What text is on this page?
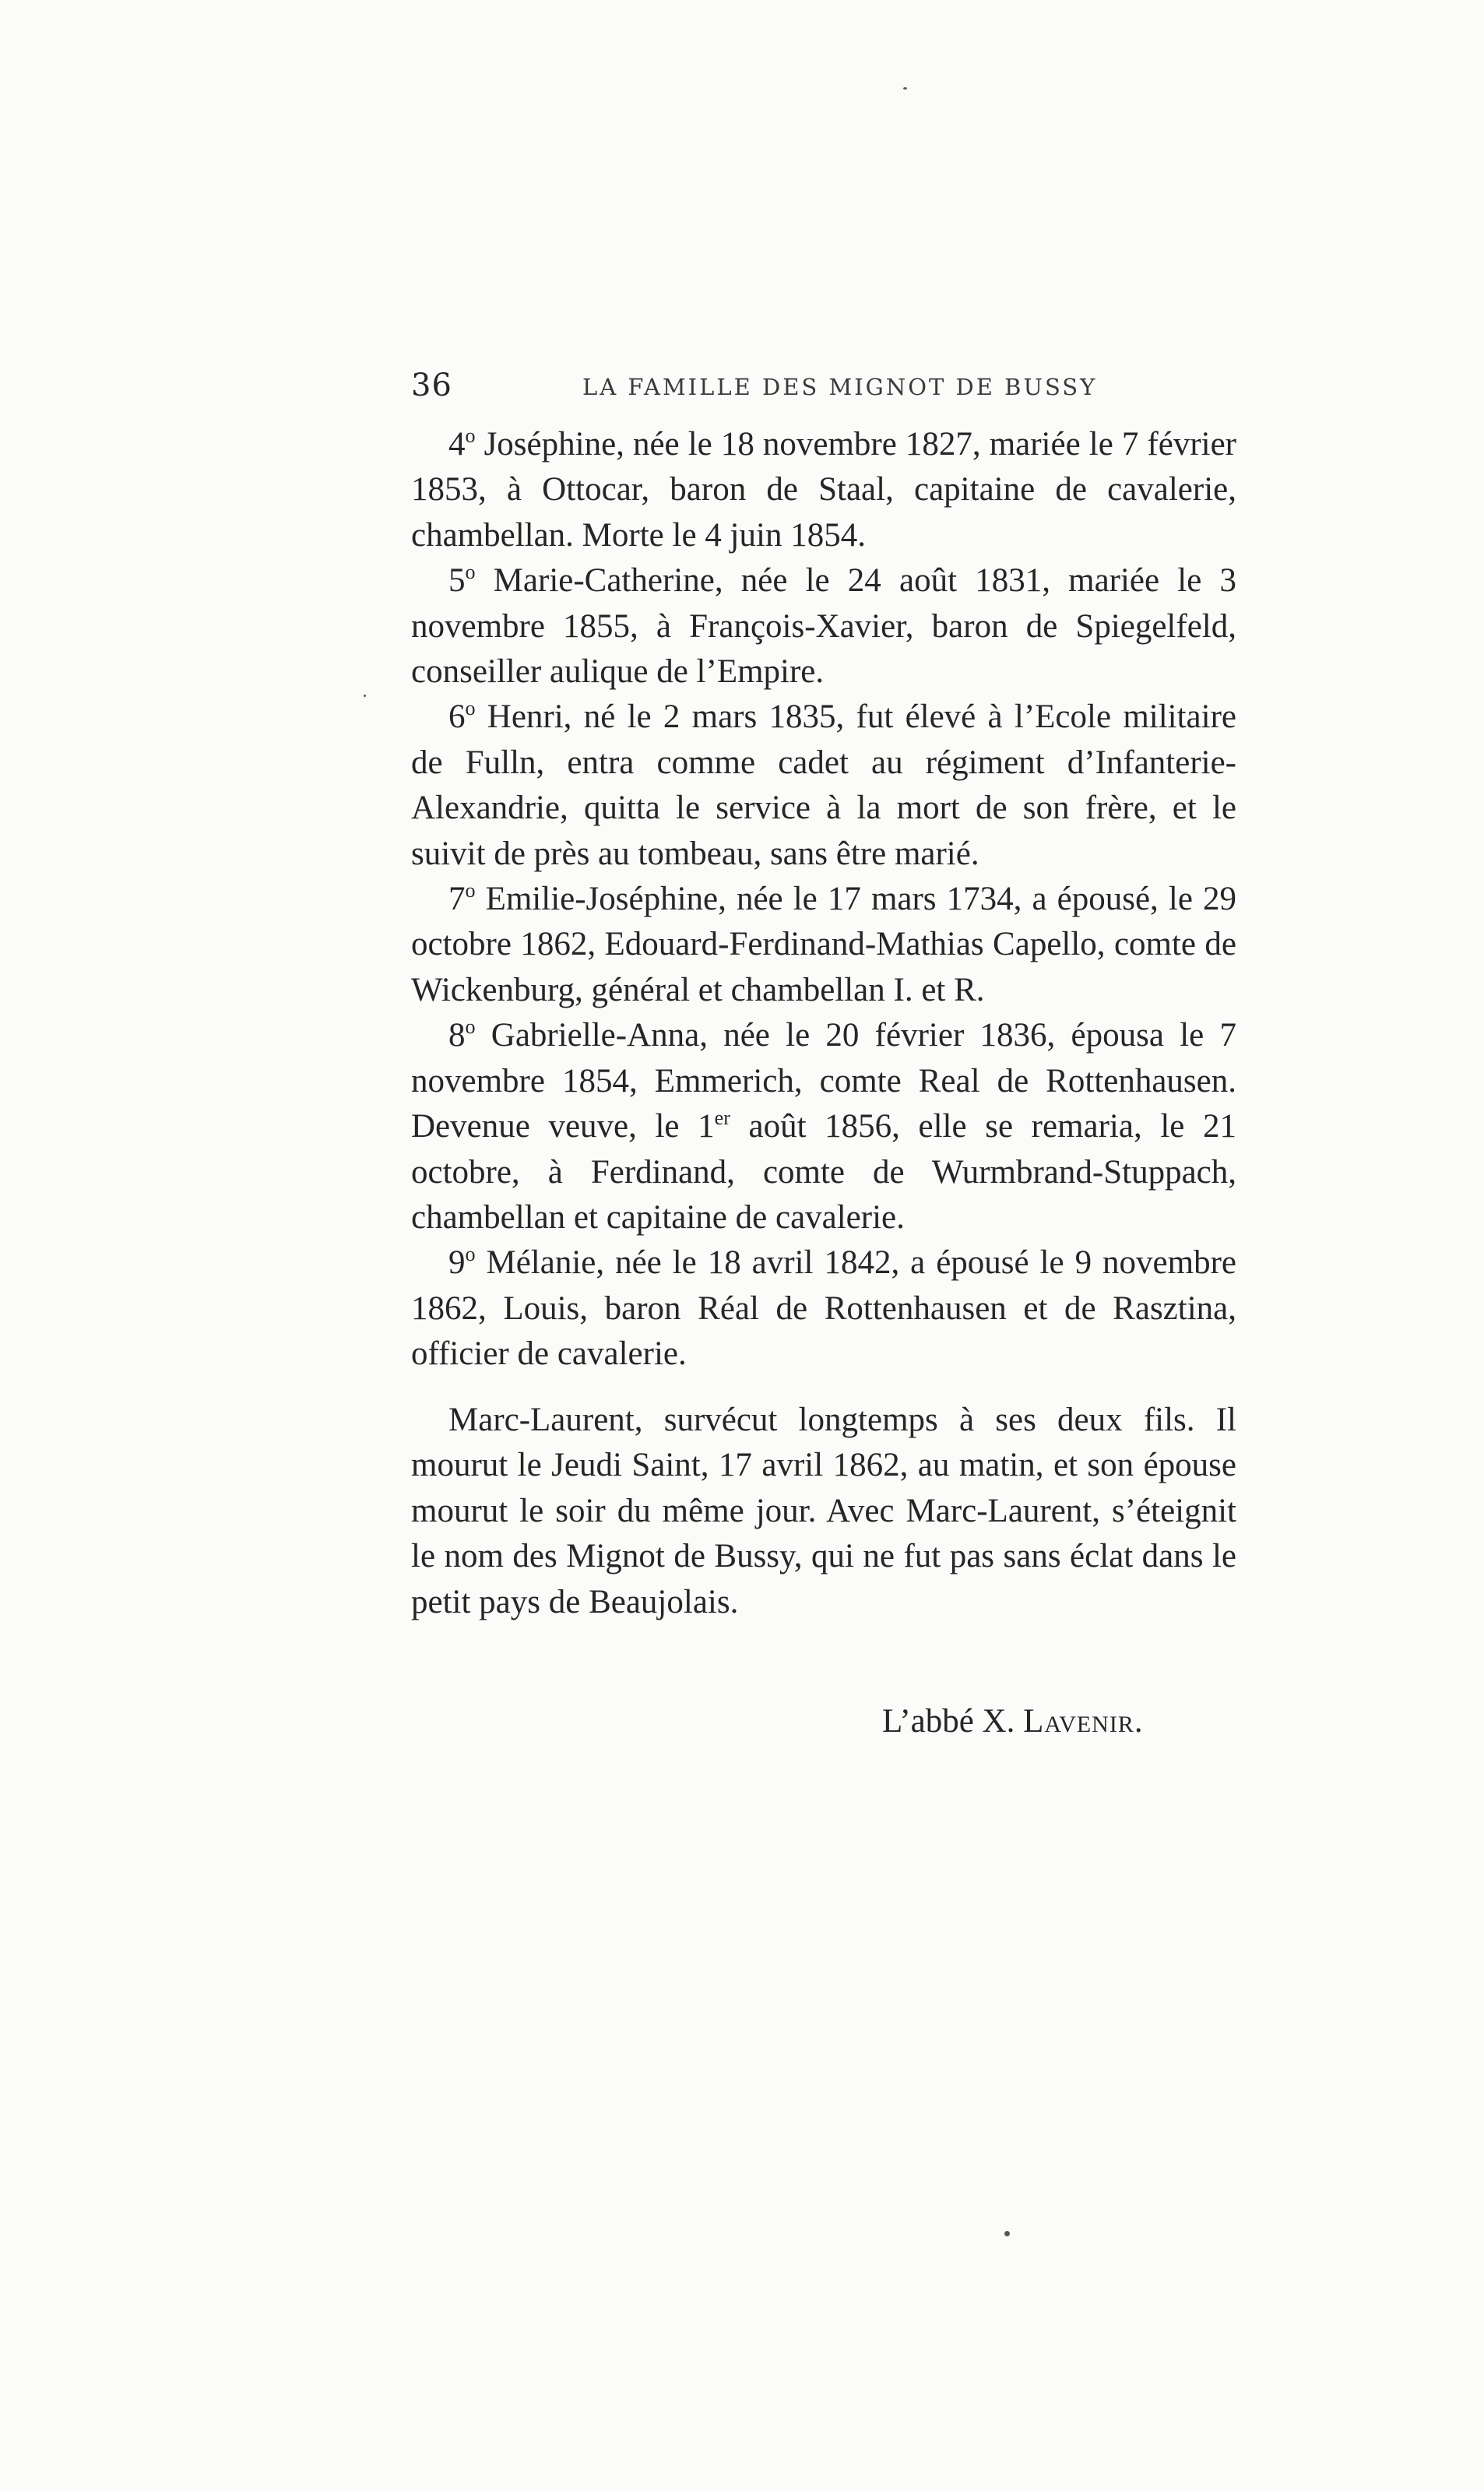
36	LA FAMILLE DES MIGNOT DE BUSSY

4$^o$ Joséphine, née le 18 novembre 1827, mariée le 7 février 1853, à Ottocar, baron de Staal, capitaine de cavalerie, chambellan. Morte le 4 juin 1854.

5$^o$ Marie-Catherine, née le 24 août 1831, mariée le 3 novembre 1855, à François-Xavier, baron de Spiegelfeld, conseiller aulique de l’Empire.

6$^o$ Henri, né le 2 mars 1835, fut élevé à l’Ecole militaire de Fulln, entra comme cadet au régiment d’Infanterie-Alexandrie, quitta le service à la mort de son frère, et le suivit de près au tombeau, sans être marié.

7$^o$ Emilie-Joséphine, née le 17 mars 1734, a épousé, le 29 octobre 1862, Edouard-Ferdinand-Mathias Capello, comte de Wickenburg, général et chambellan I. et R.

8$^o$ Gabrielle-Anna, née le 20 février 1836, épousa le 7 novembre 1854, Emmerich, comte Real de Rottenhausen. Devenue veuve, le 1er août 1856, elle se remaria, le 21 octobre, à Ferdinand, comte de Wurmbrand-Stuppach, chambellan et capitaine de cavalerie.

9$^o$ Mélanie, née le 18 avril 1842, a épousé le 9 novembre 1862, Louis, baron Réal de Rottenhausen et de Rasztina, officier de cavalerie.

Marc-Laurent, survécut longtemps à ses deux fils. Il mourut le Jeudi Saint, 17 avril 1862, au matin, et son épouse mourut le soir du même jour. Avec Marc-Laurent, s’éteignit le nom des Mignot de Bussy, qui ne fut pas sans éclat dans le petit pays de Beaujolais.

L’abbé X. Lavenir.
